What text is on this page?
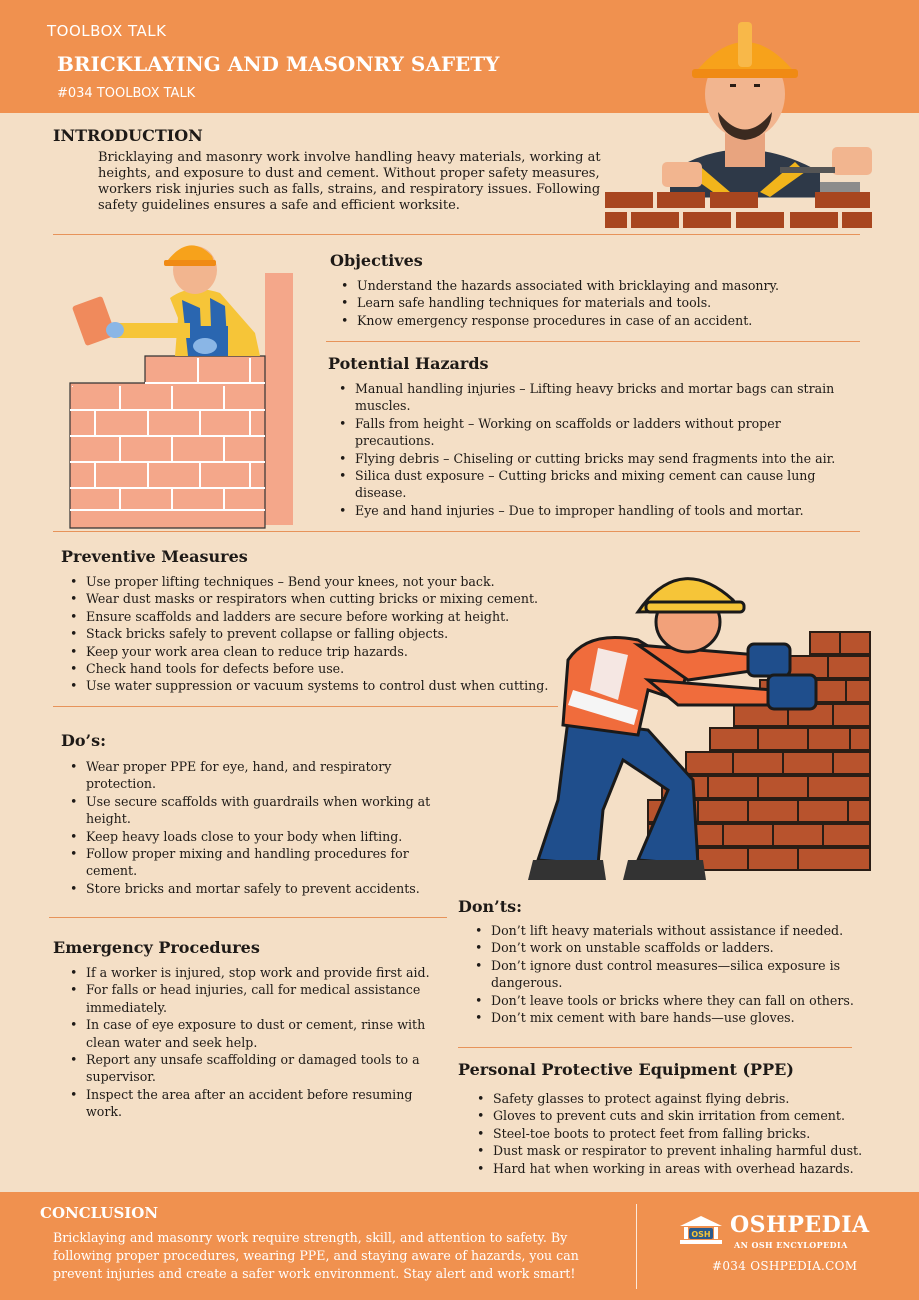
TOOLBOX TALK
BRICKLAYING AND MASONRY SAFETY
#034 TOOLBOX TALK
INTRODUCTION
Bricklaying and masonry work involve handling heavy materials, working at heights, and exposure to dust and cement. Without proper safety measures, workers risk injuries such as falls, strains, and respiratory issues. Following safety guidelines ensures a safe and efficient worksite.
Objectives
• Understand the hazards associated with bricklaying and masonry.
• Learn safe handling techniques for materials and tools.
• Know emergency response procedures in case of an accident.
Potential Hazards
• Manual handling injuries – Lifting heavy bricks and mortar bags can strain muscles.
• Falls from height – Working on scaffolds or ladders without proper precautions.
• Flying debris – Chiseling or cutting bricks may send fragments into the air.
• Silica dust exposure – Cutting bricks and mixing cement can cause lung disease.
• Eye and hand injuries – Due to improper handling of tools and mortar.
Preventive Measures
• Use proper lifting techniques – Bend your knees, not your back.
• Wear dust masks or respirators when cutting bricks or mixing cement.
• Ensure scaffolds and ladders are secure before working at height.
• Stack bricks safely to prevent collapse or falling objects.
• Keep your work area clean to reduce trip hazards.
• Check hand tools for defects before use.
• Use water suppression or vacuum systems to control dust when cutting.
Do’s:
• Wear proper PPE for eye, hand, and respiratory protection.
• Use secure scaffolds with guardrails when working at height.
• Keep heavy loads close to your body when lifting.
• Follow proper mixing and handling procedures for cement.
• Store bricks and mortar safely to prevent accidents.
Don’ts:
• Don’t lift heavy materials without assistance if needed.
• Don’t work on unstable scaffolds or ladders.
• Don’t ignore dust control measures—silica exposure is dangerous.
• Don’t leave tools or bricks where they can fall on others.
• Don’t mix cement with bare hands—use gloves.
Emergency Procedures
• If a worker is injured, stop work and provide first aid.
• For falls or head injuries, call for medical assistance immediately.
• In case of eye exposure to dust or cement, rinse with clean water and seek help.
• Report any unsafe scaffolding or damaged tools to a supervisor.
• Inspect the area after an accident before resuming work.
Personal Protective Equipment (PPE)
• Safety glasses to protect against flying debris.
• Gloves to prevent cuts and skin irritation from cement.
• Steel-toe boots to protect feet from falling bricks.
• Dust mask or respirator to prevent inhaling harmful dust.
• Hard hat when working in areas with overhead hazards.
CONCLUSION
Bricklaying and masonry work require strength, skill, and attention to safety. By following proper procedures, wearing PPE, and staying aware of hazards, you can prevent injuries and create a safer work environment. Stay alert and work smart!
OSH OSHPEDIA
AN OSH ENCYLOPEDIA
#034 OSHPEDIA.COM
